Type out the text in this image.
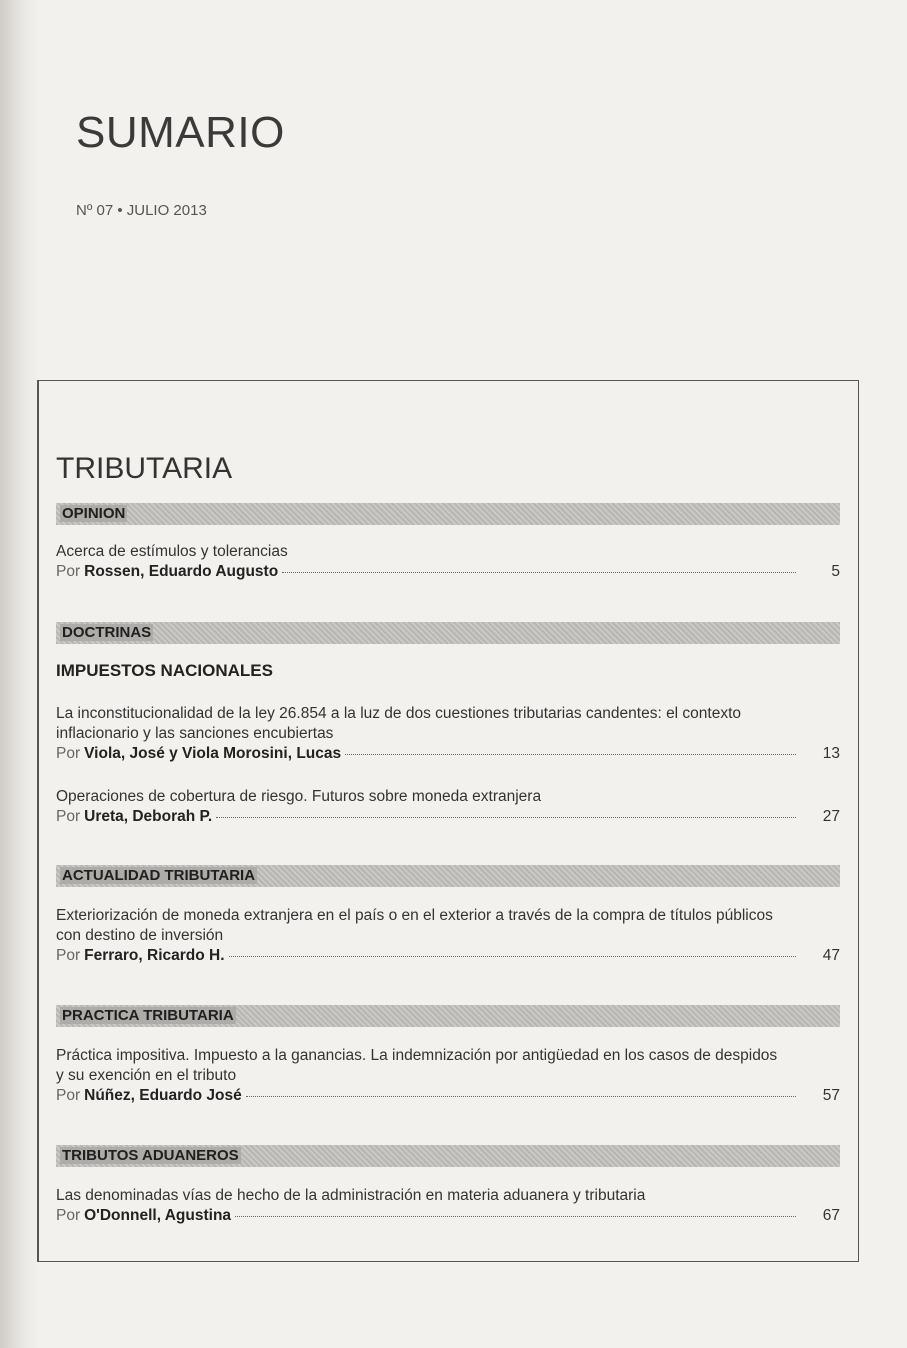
SUMARIO
Nº 07 • JULIO 2013
TRIBUTARIA
OPINION
Acerca de estímulos y tolerancias
Por Rossen, Eduardo Augusto	5
DOCTRINAS
IMPUESTOS NACIONALES
La inconstitucionalidad de la ley 26.854 a la luz de dos cuestiones tributarias candentes: el contexto inflacionario y las sanciones encubiertas
Por Viola, José y Viola Morosini, Lucas	13
Operaciones de cobertura de riesgo. Futuros sobre moneda extranjera
Por Ureta, Deborah P.	27
ACTUALIDAD TRIBUTARIA
Exteriorización de moneda extranjera en el país o en el exterior a través de la compra de títulos públicos con destino de inversión
Por Ferraro, Ricardo H.	47
PRACTICA TRIBUTARIA
Práctica impositiva. Impuesto a la ganancias. La indemnización por antigüedad en los casos de despidos y su exención en el tributo
Por Núñez, Eduardo José	57
TRIBUTOS ADUANEROS
Las denominadas vías de hecho de la administración en materia aduanera y tributaria
Por O'Donnell, Agustina	67
